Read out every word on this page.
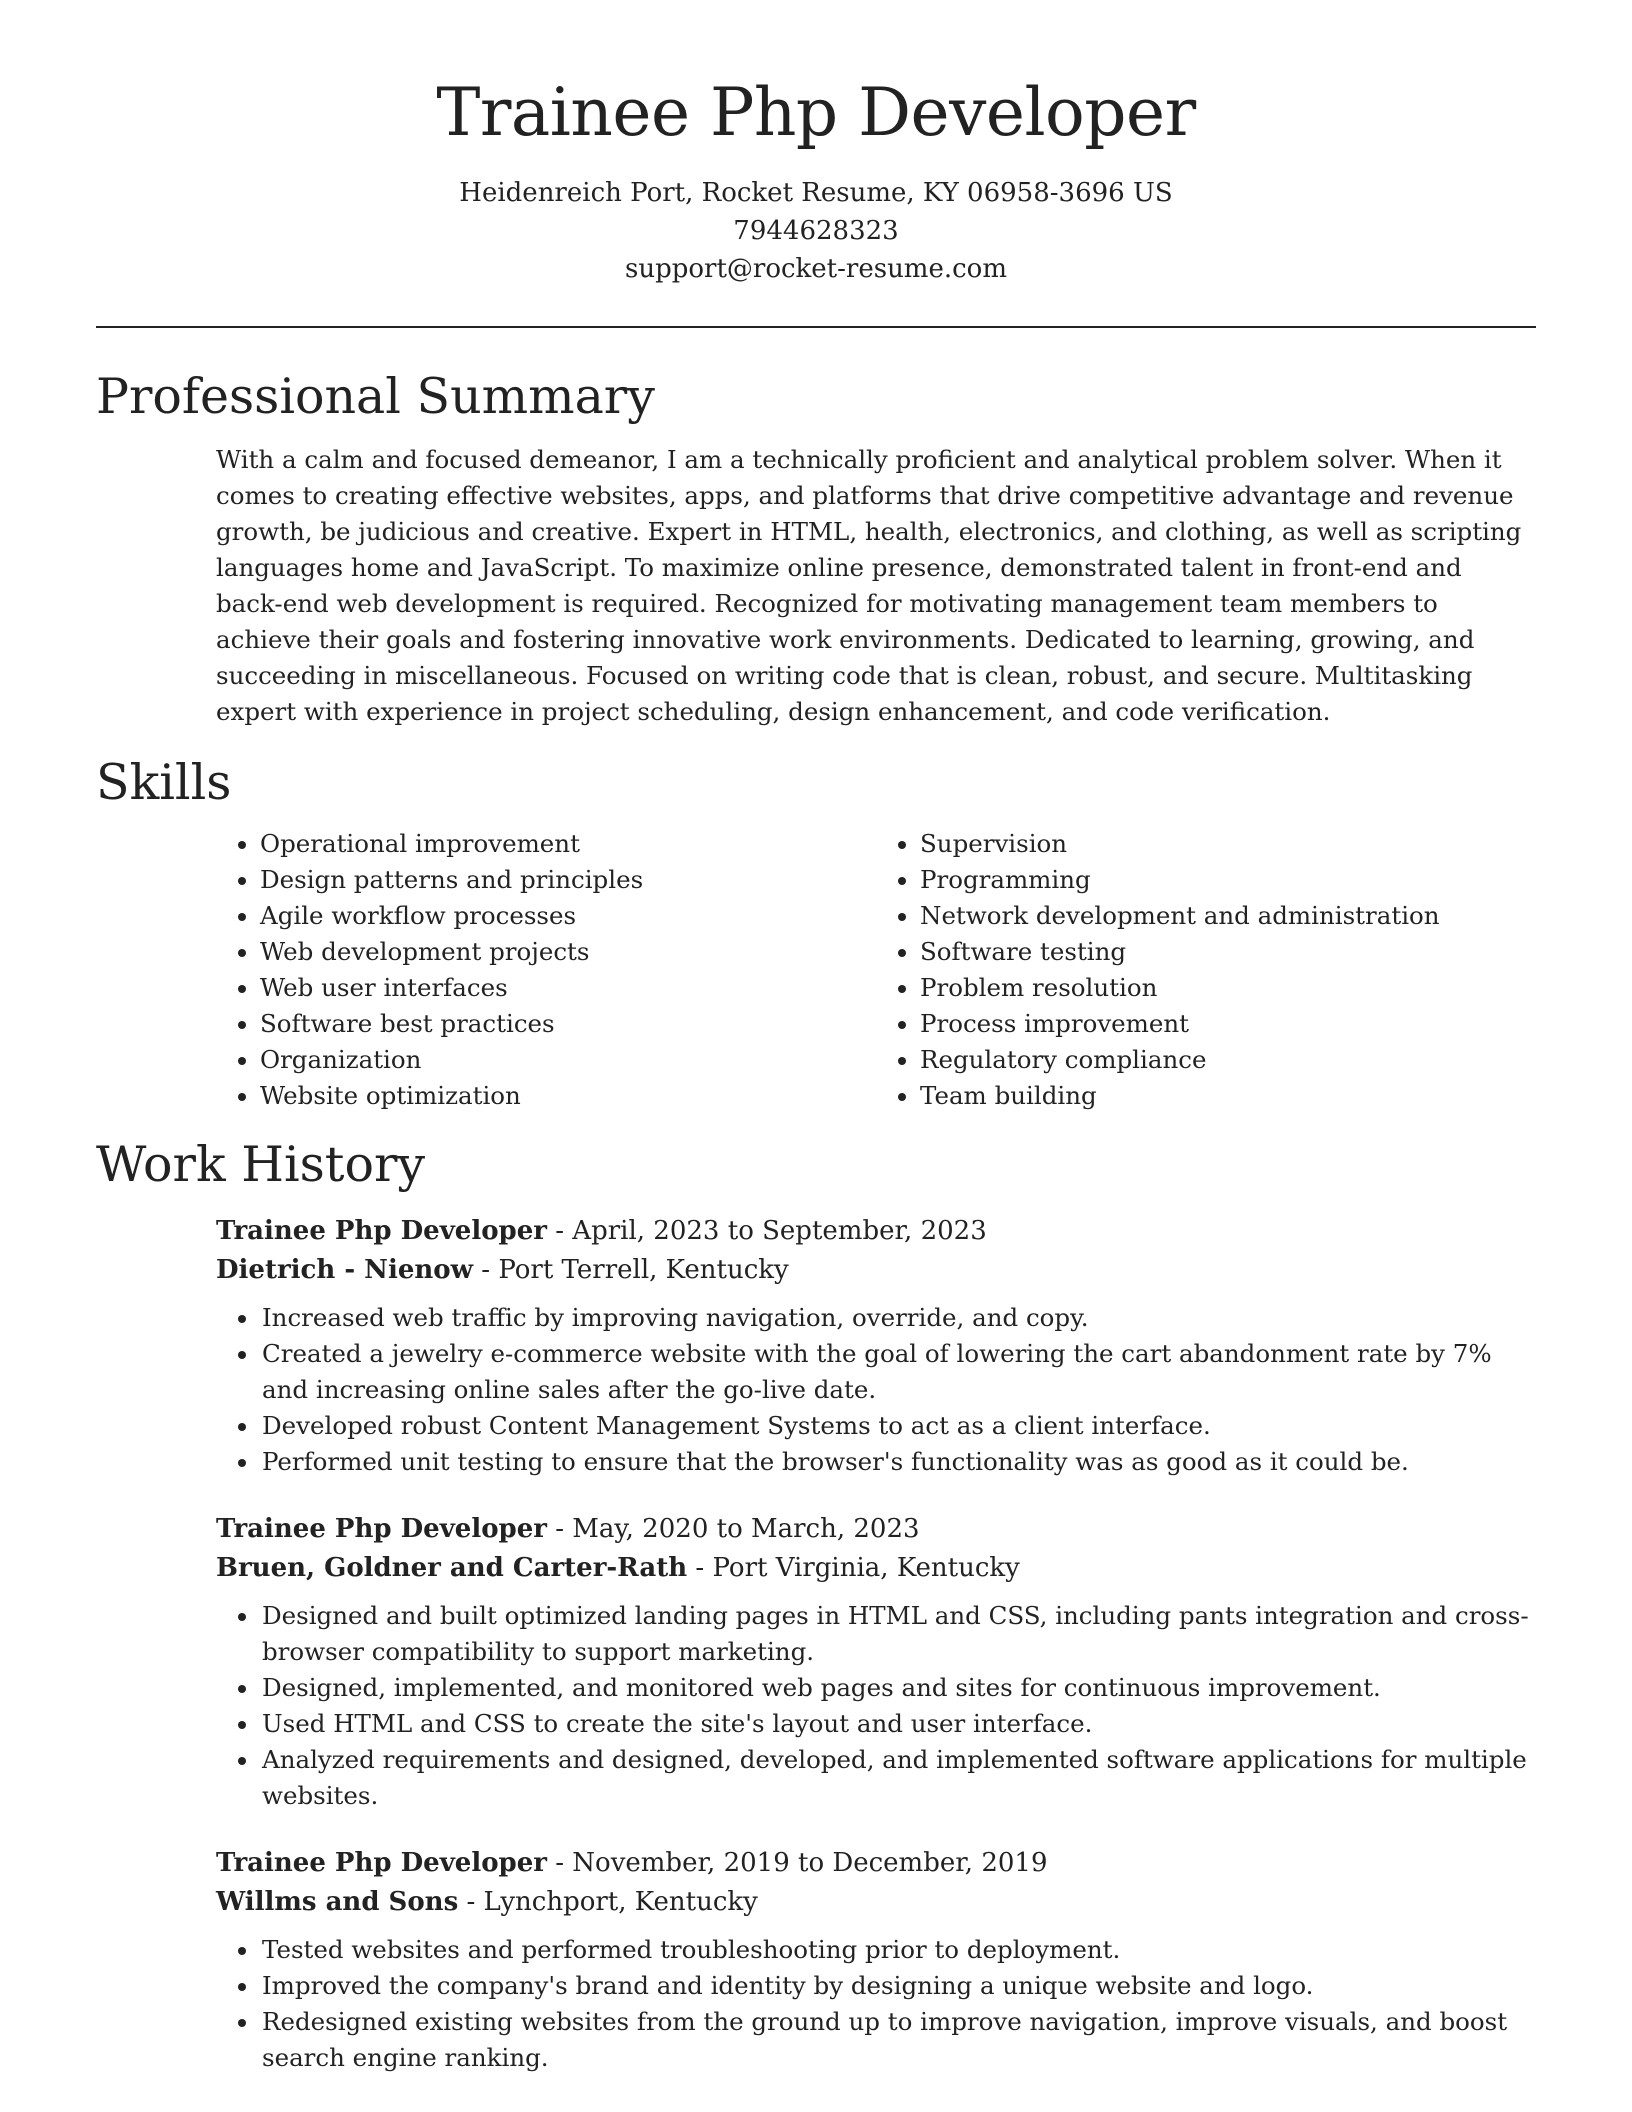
Trainee Php Developer
Heidenreich Port, Rocket Resume, KY 06958-3696 US
7944628323
support@rocket-resume.com
Professional Summary

With a calm and focused demeanor, I am a technically proficient and analytical problem solver. When it comes to creating effective websites, apps, and platforms that drive competitive advantage and revenue growth, be judicious and creative. Expert in HTML, health, electronics, and clothing, as well as scripting languages home and JavaScript. To maximize online presence, demonstrated talent in front-end and back-end web development is required. Recognized for motivating management team members to achieve their goals and fostering innovative work environments. Dedicated to learning, growing, and succeeding in miscellaneous. Focused on writing code that is clean, robust, and secure. Multitasking expert with experience in project scheduling, design enhancement, and code verification.

Skills
• Operational improvement
• Design patterns and principles
• Agile workflow processes
• Web development projects
• Web user interfaces
• Software best practices
• Organization
• Website optimization
• Supervision
• Programming
• Network development and administration
• Software testing
• Problem resolution
• Process improvement
• Regulatory compliance
• Team building
Work History
Trainee Php Developer - April, 2023 to September, 2023
Dietrich - Nienow - Port Terrell, Kentucky
• Increased web traffic by improving navigation, override, and copy.
• Created a jewelry e-commerce website with the goal of lowering the cart abandonment rate by 7% and increasing online sales after the go-live date.
• Developed robust Content Management Systems to act as a client interface.
• Performed unit testing to ensure that the browser's functionality was as good as it could be.
Trainee Php Developer - May, 2020 to March, 2023
Bruen, Goldner and Carter-Rath - Port Virginia, Kentucky
• Designed and built optimized landing pages in HTML and CSS, including pants integration and cross-browser compatibility to support marketing.
• Designed, implemented, and monitored web pages and sites for continuous improvement.
• Used HTML and CSS to create the site's layout and user interface.
• Analyzed requirements and designed, developed, and implemented software applications for multiple websites.
Trainee Php Developer - November, 2019 to December, 2019
Willms and Sons - Lynchport, Kentucky
• Tested websites and performed troubleshooting prior to deployment.
• Improved the company's brand and identity by designing a unique website and logo.
• Redesigned existing websites from the ground up to improve navigation, improve visuals, and boost search engine ranking.
